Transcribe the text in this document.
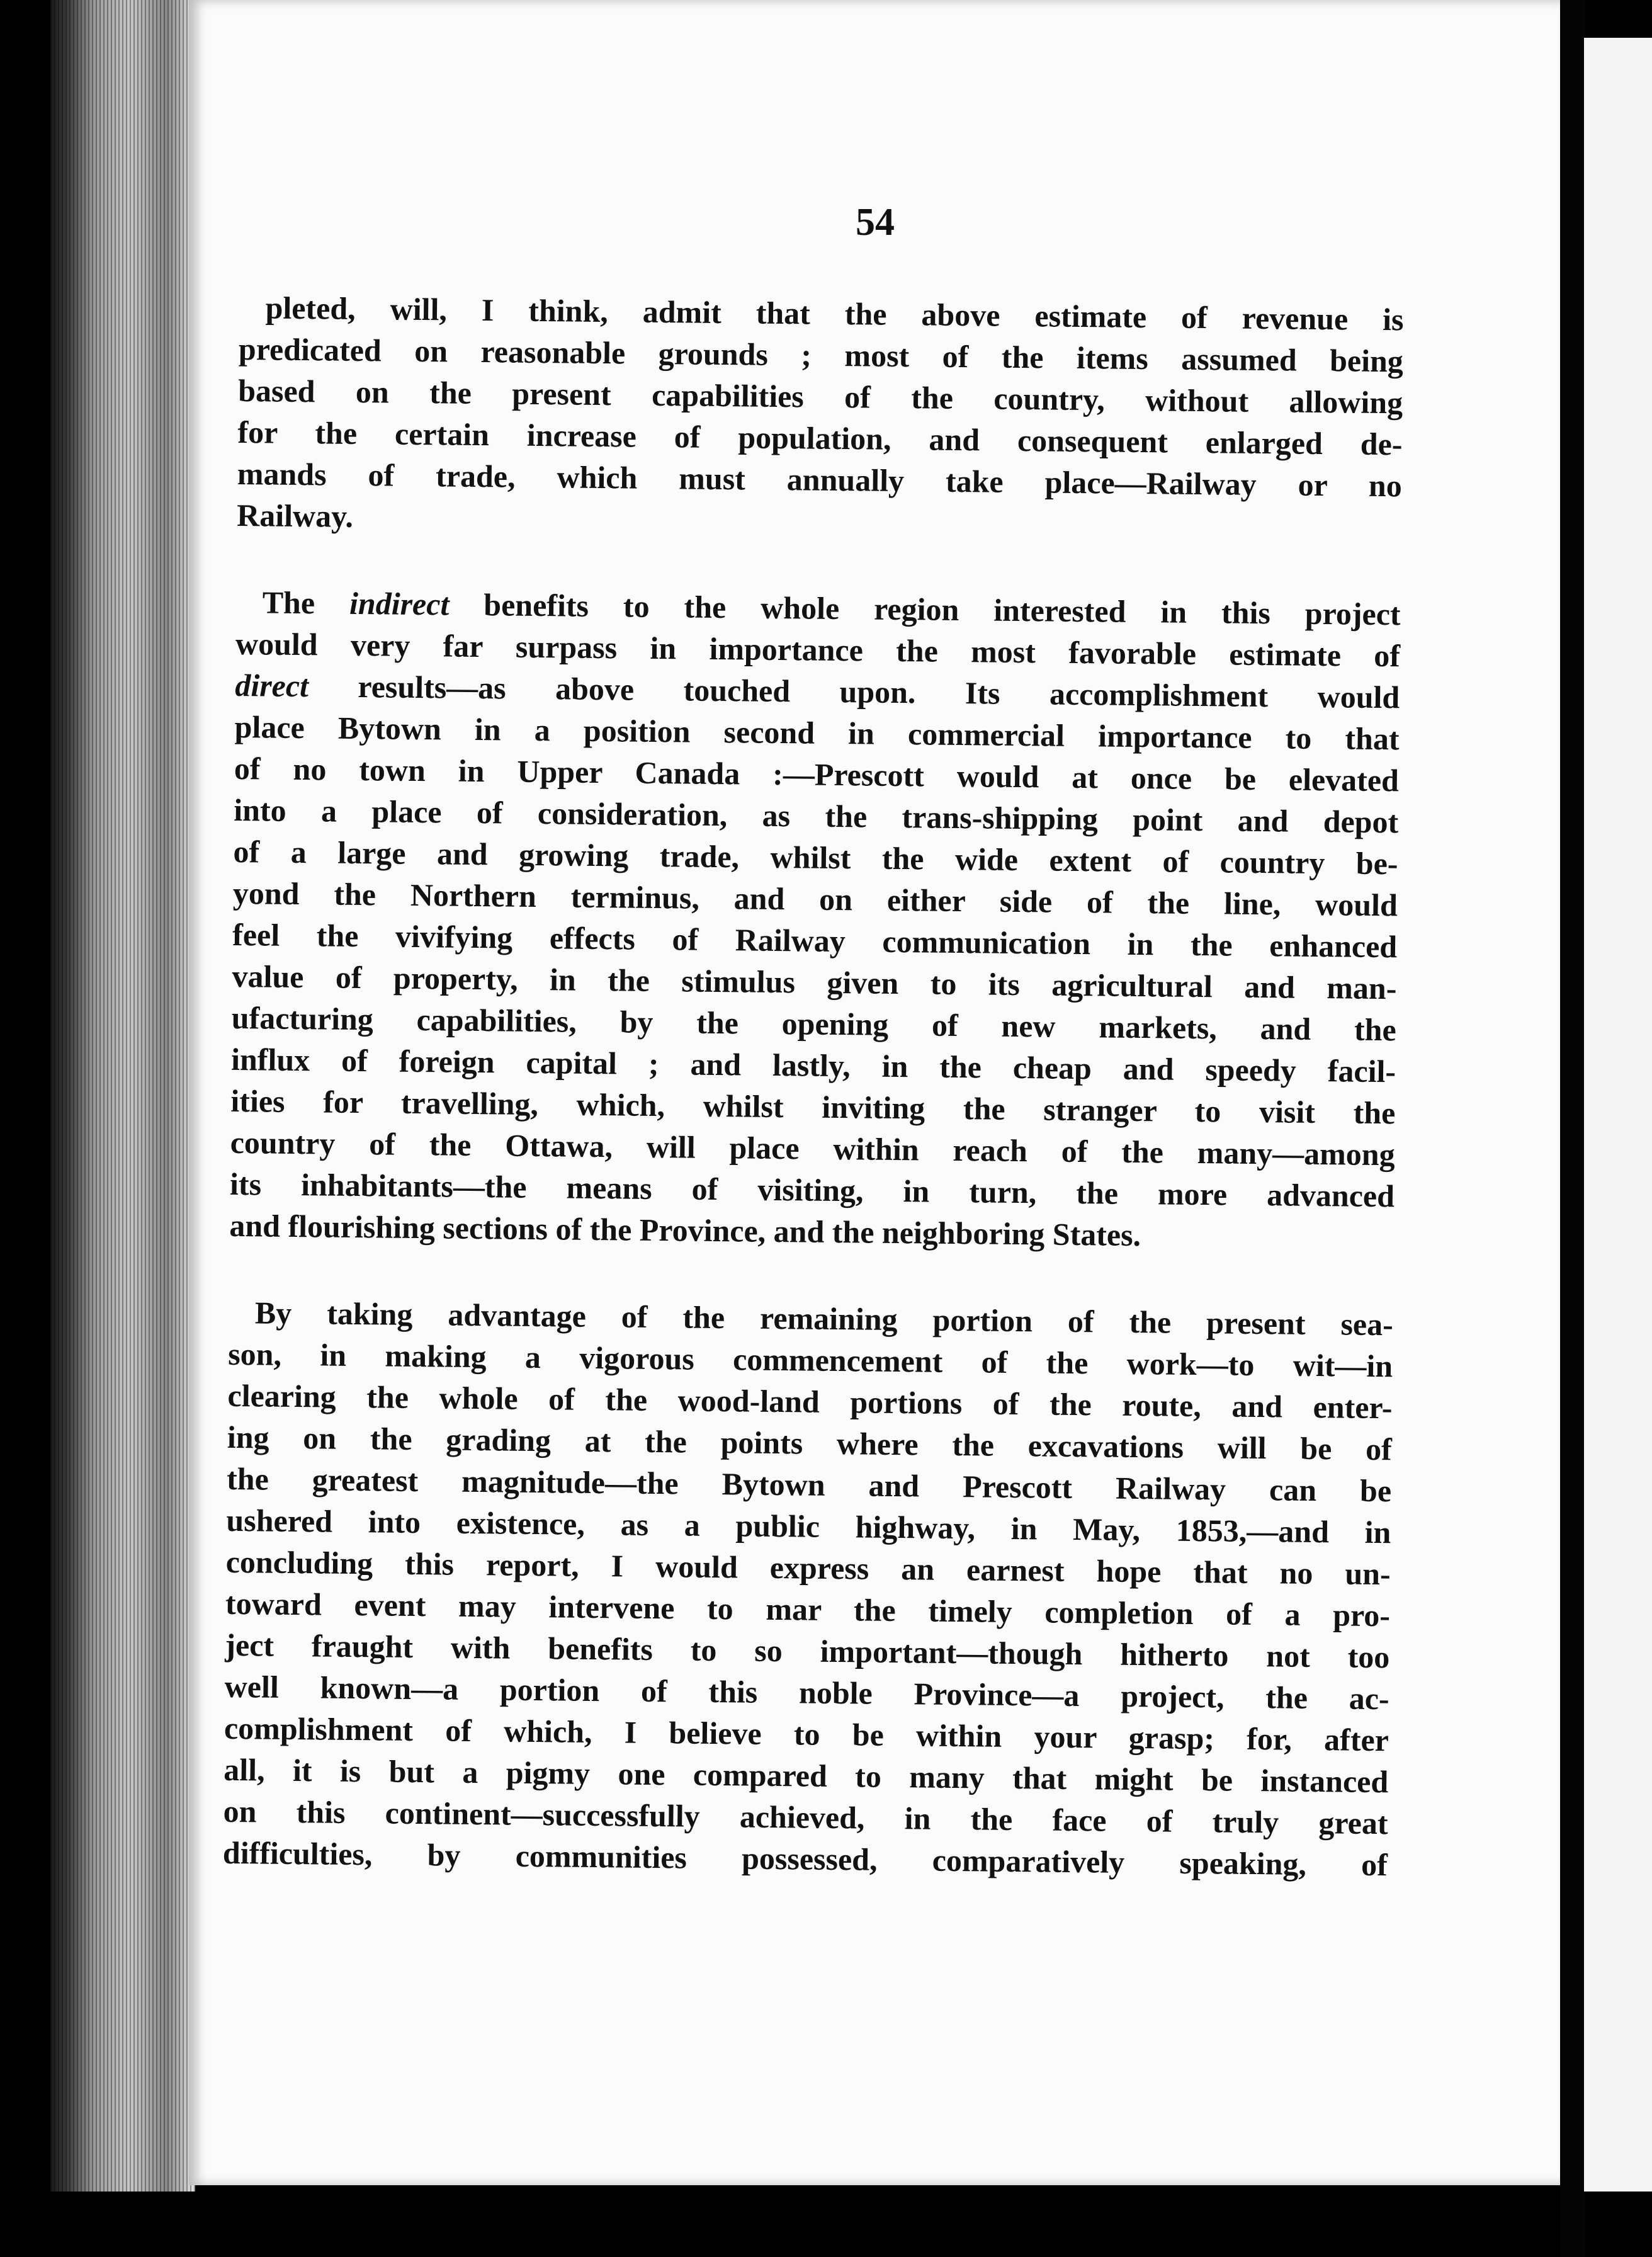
54

pleted, will, I think, admit that the above estimate of revenue is
predicated on reasonable grounds ; most of the items assumed being
based on the present capabilities of the country, without allowing
for the certain increase of population, and consequent enlarged de-
mands of trade, which must annually take place—Railway or no
Railway.
The indirect benefits to the whole region interested in this project
would very far surpass in importance the most favorable estimate of
direct results—as above touched upon. Its accomplishment would
place Bytown in a position second in commercial importance to that
of no town in Upper Canada :—Prescott would at once be elevated
into a place of consideration, as the trans-shipping point and depot
of a large and growing trade, whilst the wide extent of country be-
yond the Northern terminus, and on either side of the line, would
feel the vivifying effects of Railway communication in the enhanced
value of property, in the stimulus given to its agricultural and man-
ufacturing capabilities, by the opening of new markets, and the
influx of foreign capital ; and lastly, in the cheap and speedy facil-
ities for travelling, which, whilst inviting the stranger to visit the
country of the Ottawa, will place within reach of the many—among
its inhabitants—the means of visiting, in turn, the more advanced
and flourishing sections of the Province, and the neighboring States.
By taking advantage of the remaining portion of the present sea-
son, in making a vigorous commencement of the work—to wit—in
clearing the whole of the wood-land portions of the route, and enter-
ing on the grading at the points where the excavations will be of
the greatest magnitude—the Bytown and Prescott Railway can be
ushered into existence, as a public highway, in May, 1853,—and in
concluding this report, I would express an earnest hope that no un-
toward event may intervene to mar the timely completion of a pro-
ject fraught with benefits to so important—though hitherto not too
well known—a portion of this noble Province—a project, the ac-
complishment of which, I believe to be within your grasp; for, after
all, it is but a pigmy one compared to many that might be instanced
on this continent—successfully achieved, in the face of truly great
difficulties, by communities possessed, comparatively speaking, of
